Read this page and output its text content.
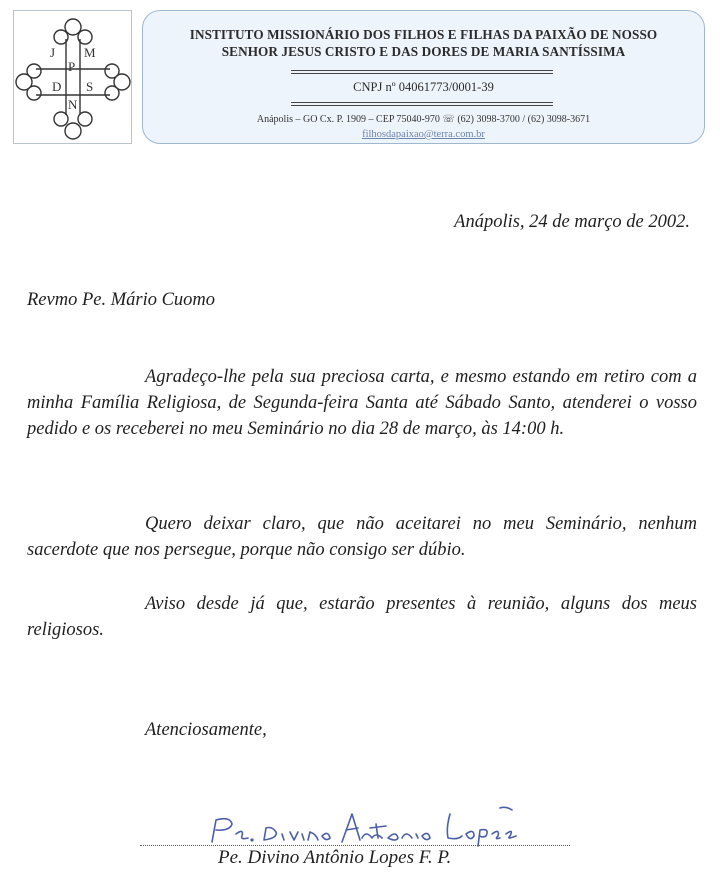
J M
P
D S
N
INSTITUTO MISSIONÁRIO DOS FILHOS E FILHAS DA PAIXÃO DE NOSSO
SENHOR JESUS CRISTO E DAS DORES DE MARIA SANTÍSSIMA
CNPJ nº 04061773/0001-39
Anápolis – GO Cx. P. 1909 – CEP 75040-970 ☏ (62) 3098-3700 / (62) 3098-3671
filhosdapaixao@terra.com.br
Anápolis, 24 de março de 2002.
Revmo Pe. Mário Cuomo
Agradeço-lhe pela sua preciosa carta, e mesmo estando em retiro com a minha Família Religiosa, de Segunda-feira Santa até Sábado Santo, atenderei o vosso pedido e os receberei no meu Seminário no dia 28 de março, às 14:00 h.
Quero deixar claro, que não aceitarei no meu Seminário, nenhum sacerdote que nos persegue, porque não consigo ser dúbio.
Aviso desde já que, estarão presentes à reunião, alguns dos meus religiosos.
Atenciosamente,
Pe. Divino Antônio Lopes F. P.
